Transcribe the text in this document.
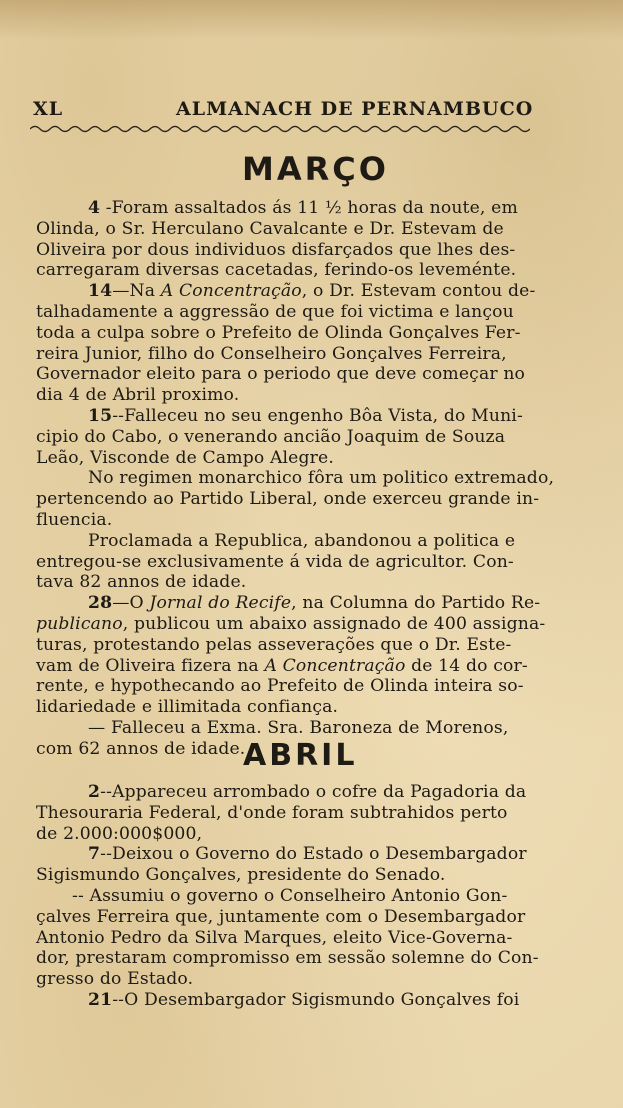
XL	ALMANACH DE PERNAMBUCO
MARÇO
4 -Foram assaltados ás 11 ½ horas da noute, em
Olinda, o Sr. Herculano Cavalcante e Dr. Estevam de
Oliveira por dous individuos disfarçados que lhes des-
carregaram diversas cacetadas, ferindo-os leveménte.
14—Na A Concentração, o Dr. Estevam contou de-
talhadamente a aggressão de que foi victima e lançou
toda a culpa sobre o Prefeito de Olinda Gonçalves Fer-
reira Junior, filho do Conselheiro Gonçalves Ferreira,
Governador eleito para o periodo que deve começar no
dia 4 de Abril proximo.
15--Falleceu no seu engenho Bôa Vista, do Muni-
cipio do Cabo, o venerando ancião Joaquim de Souza
Leão, Visconde de Campo Alegre.
No regimen monarchico fôra um politico extremado,
pertencendo ao Partido Liberal, onde exerceu grande in-
fluencia.
Proclamada a Republica, abandonou a politica e
entregou-se exclusivamente á vida de agricultor. Con-
tava 82 annos de idade.
28—O Jornal do Recife, na Columna do Partido Re-
publicano, publicou um abaixo assignado de 400 assigna-
turas, protestando pelas asseverações que o Dr. Este-
vam de Oliveira fizera na A Concentração de 14 do cor-
rente, e hypothecando ao Prefeito de Olinda inteira so-
lidariedade e illimitada confiança.
— Falleceu a Exma. Sra. Baroneza de Morenos,
com 62 annos de idade.
ABRIL
2--Appareceu arrombado o cofre da Pagadoria da
Thesouraria Federal, d'onde foram subtrahidos perto
de 2.000:000$000,
7--Deixou o Governo do Estado o Desembargador
Sigismundo Gonçalves, presidente do Senado.
-- Assumiu o governo o Conselheiro Antonio Gon-
çalves Ferreira que, juntamente com o Desembargador
Antonio Pedro da Silva Marques, eleito Vice-Governa-
dor, prestaram compromisso em sessão solemne do Con-
gresso do Estado.
21--O Desembargador Sigismundo Gonçalves foi
